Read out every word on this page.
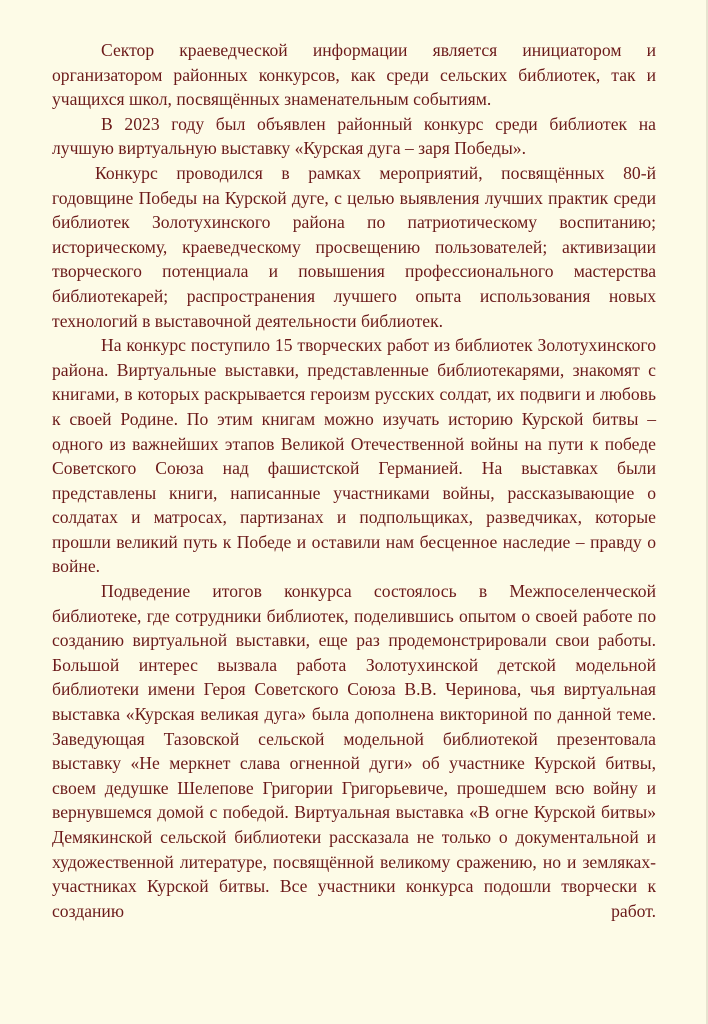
Сектор краеведческой информации является инициатором и организатором районных конкурсов, как среди сельских библиотек, так и учащихся школ, посвящённых знаменательным событиям.

В 2023 году был объявлен районный конкурс среди библиотек на лучшую виртуальную выставку «Курская дуга – заря Победы».

Конкурс проводился в рамках мероприятий, посвящённых 80-й годовщине Победы на Курской дуге, с целью выявления лучших практик среди библиотек Золотухинского района по патриотическому воспитанию; историческому, краеведческому просвещению пользователей; активизации творческого потенциала и повышения профессионального мастерства библиотекарей; распространения лучшего опыта использования новых технологий в выставочной деятельности библиотек.

На конкурс поступило 15 творческих работ из библиотек Золотухинского района. Виртуальные выставки, представленные библиотекарями, знакомят с книгами, в которых раскрывается героизм русских солдат, их подвиги и любовь к своей Родине. По этим книгам можно изучать историю Курской битвы – одного из важнейших этапов Великой Отечественной войны на пути к победе Советского Союза над фашистской Германией. На выставках были представлены книги, написанные участниками войны, рассказывающие о солдатах и матросах, партизанах и подпольщиках, разведчиках, которые прошли великий путь к Победе и оставили нам бесценное наследие – правду о войне.

Подведение итогов конкурса состоялось в Межпоселенческой библиотеке, где сотрудники библиотек, поделившись опытом о своей работе по созданию виртуальной выставки, еще раз продемонстрировали свои работы. Большой интерес вызвала работа Золотухинской детской модельной библиотеки имени Героя Советского Союза В.В. Черинова, чья виртуальная выставка «Курская великая дуга» была дополнена викториной по данной теме. Заведующая Тазовской сельской модельной библиотекой презентовала выставку «Не меркнет слава огненной дуги» об участнике Курской битвы, своем дедушке Шелепове Григории Григорьевиче, прошедшем всю войну и вернувшемся домой с победой. Виртуальная выставка «В огне Курской битвы» Демякинской сельской библиотеки рассказала не только о документальной и художественной литературе, посвящённой великому сражению, но и земляках-участниках Курской битвы. Все участники конкурса подошли творчески к созданию работ.
